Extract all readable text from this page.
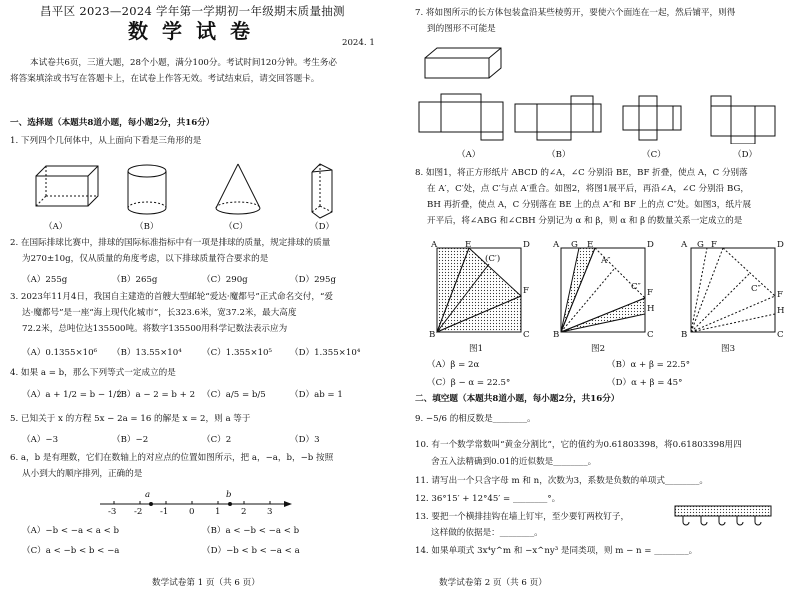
昌平区 2023—2024 学年第一学期初一年级期末质量抽测
数学试卷	2024. 1
本试卷共6页，三道大题，28个小题，满分100分。考试时间120分钟。考生务必
将答案填涂或书写在答题卡上，在试卷上作答无效。考试结束后，请交回答题卡。
一、选择题（本题共8道小题，每小题2分，共16分）
1. 下列四个几何体中，从上面向下看是三角形的是
（A）	（B）	（C）	（D）
2. 在国际排球比赛中，排球的国际标准指标中有一项是排球的质量，规定排球的质量
为270±10g，仅从质量的角度考虑，以下排球质量符合要求的是
（A）255g	（B）265g	（C）290g	（D）295g
3. 2023年11月4日，我国自主建造的首艘大型邮轮“爱达·魔都号”正式命名交付，“爱
达·魔都号”是一座“海上现代化城市”，长323.6米，宽37.2米，最大高度
72.2米，总吨位达135500吨。将数字135500用科学记数法表示应为
（A）0.1355×10⁶ （B）13.55×10⁴ （C）1.355×10⁵ （D）1.355×10⁴
4. 如果 a = b，那么下列等式一定成立的是
（A）a + 1/2 = b − 1/2
（B）a − 2 = b + 2 （C）a/5 = b/5	（D）ab = 1
5. 已知关于 x 的方程 5x − 2a = 16 的解是 x = 2，则 a 等于
（A）−3	（B）−2	（C）2	（D）3
6. a，b 是有理数，它们在数轴上的对应点的位置如图所示，把 a，−a，b，−b 按照
从小到大的顺序排列，正确的是
a	b
-3 -2 -1 0 1 2 3
（A）−b < −a < a < b	（B）a < −b < −a < b
（C）a < −b < b < −a	（D）−b < b < −a < a
数学试卷第 1 页（共 6 页）
7. 将如图所示的长方体包装盒沿某些棱剪开，要使六个面连在一起，然后铺平，则得
到的图形不可能是
（A）	（B）	（C）	（D）
8. 如图1，将正方形纸片 ABCD 的∠A，∠C 分别沿 BE，BF 折叠，使点 A，C 分别落
在 A′，C′处，点 C′与点 A′重合。如图2，将图1展平后，再沿∠A，∠C 分别沿 BG，
BH 再折叠，使点 A，C 分别落在 BE 上的点 A″和 BF 上的点 C″处。如图3，纸片展
开平后，将∠ABG 和∠CBH 分别记为 α 和 β，则 α 和 β 的数量关系一定成立的是
A	E
(C′)
D
F
B	C
A G E	D
F
H
C″
A″
B	C
A G F	D
F
H
C″
B	C
图1	图2	图3
（A）β = 2α	（B）α + β = 22.5°
（C）β − α = 22.5°	（D）α + β = 45°
二、填空题（本题共8道小题，每小题2分，共16分）
9. −5/6 的相反数是________。
10. 有一个数学常数叫“黄金分割比”，它的值约为0.61803398，将0.61803398用四
舍五入法精确到0.01的近似数是________。
11. 请写出一个只含字母 m 和 n，次数为3，系数是负数的单项式________。
12. 36°15′ + 12°45′ = ________°。
13. 要把一个横排挂钩在墙上钉牢，至少要钉两枚钉子，
这样做的依据是：________。
14. 如果单项式 3x⁴y^m 和 −x^ny³ 是同类项，则 m − n = ________。
数学试卷第 2 页（共 6 页）
